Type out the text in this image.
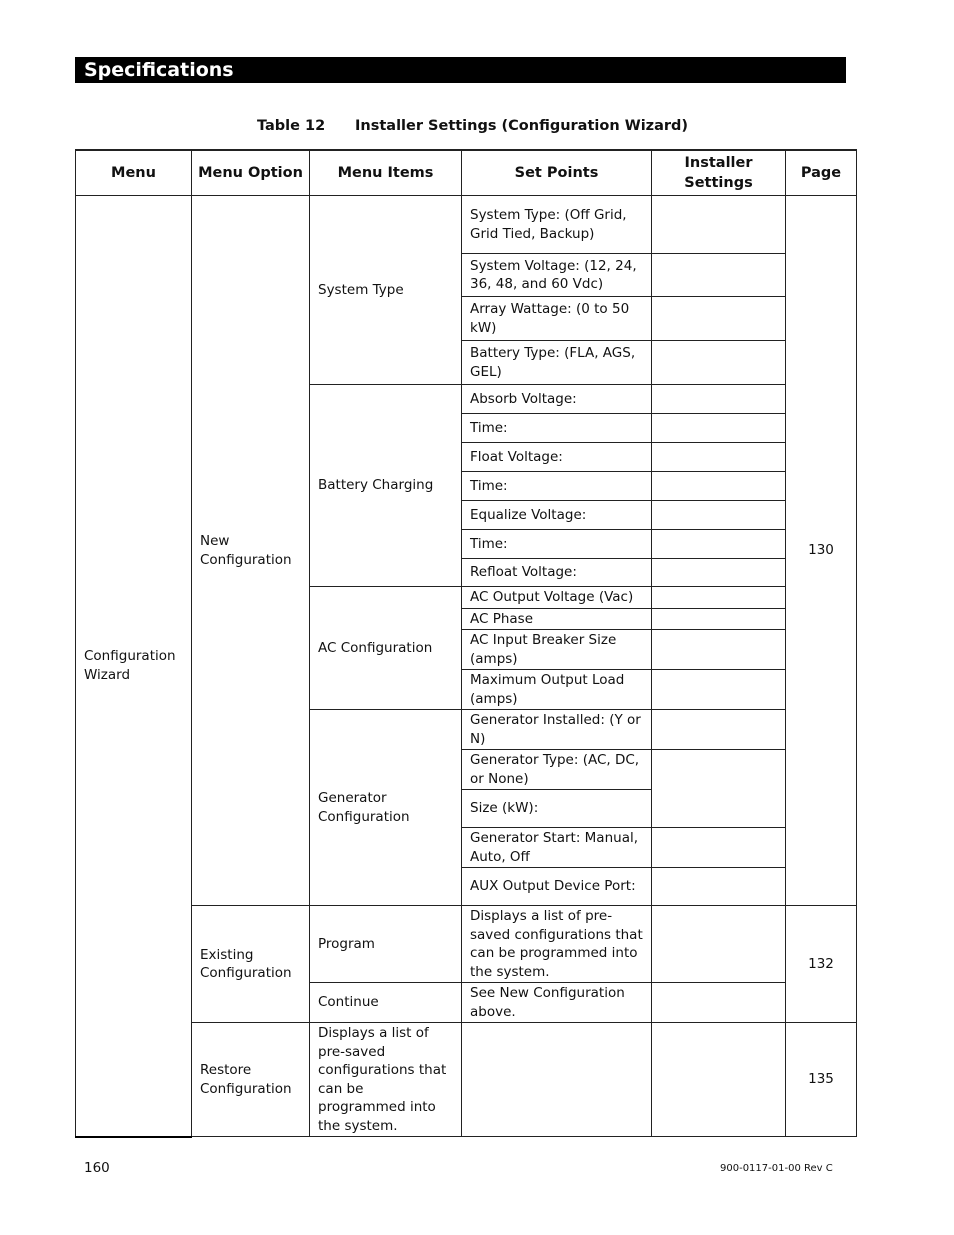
Specifications
Table 12 Installer Settings (Configuration Wizard)
Menu	Menu Option	Menu Items	Set Points	Installer Settings	Page
Configuration Wizard	New Configuration	System Type	System Type: (Off Grid, Grid Tied, Backup)		130
			System Voltage: (12, 24, 36, 48, and 60 Vdc)		
			Array Wattage: (0 to 50 kW)		
			Battery Type: (FLA, AGS, GEL)		
		Battery Charging	Absorb Voltage:		
			Time:		
			Float Voltage:		
			Time:		
			Equalize Voltage:		
			Time:		
			Refloat Voltage:		
		AC Configuration	AC Output Voltage (Vac)		
			AC Phase		
			AC Input Breaker Size (amps)		
			Maximum Output Load (amps)		
		Generator Configuration	Generator Installed: (Y or N)		
			Generator Type: (AC, DC, or None)		
			Size (kW):		
			Generator Start: Manual, Auto, Off		
			AUX Output Device Port:		
	Existing Configuration	Program	Displays a list of pre-saved configurations that can be programmed into the system.		132
		Continue	See New Configuration above.		
	Restore Configuration	Displays a list of pre-saved configurations that can be programmed into the system.			135
160	900-0117-01-00 Rev C
